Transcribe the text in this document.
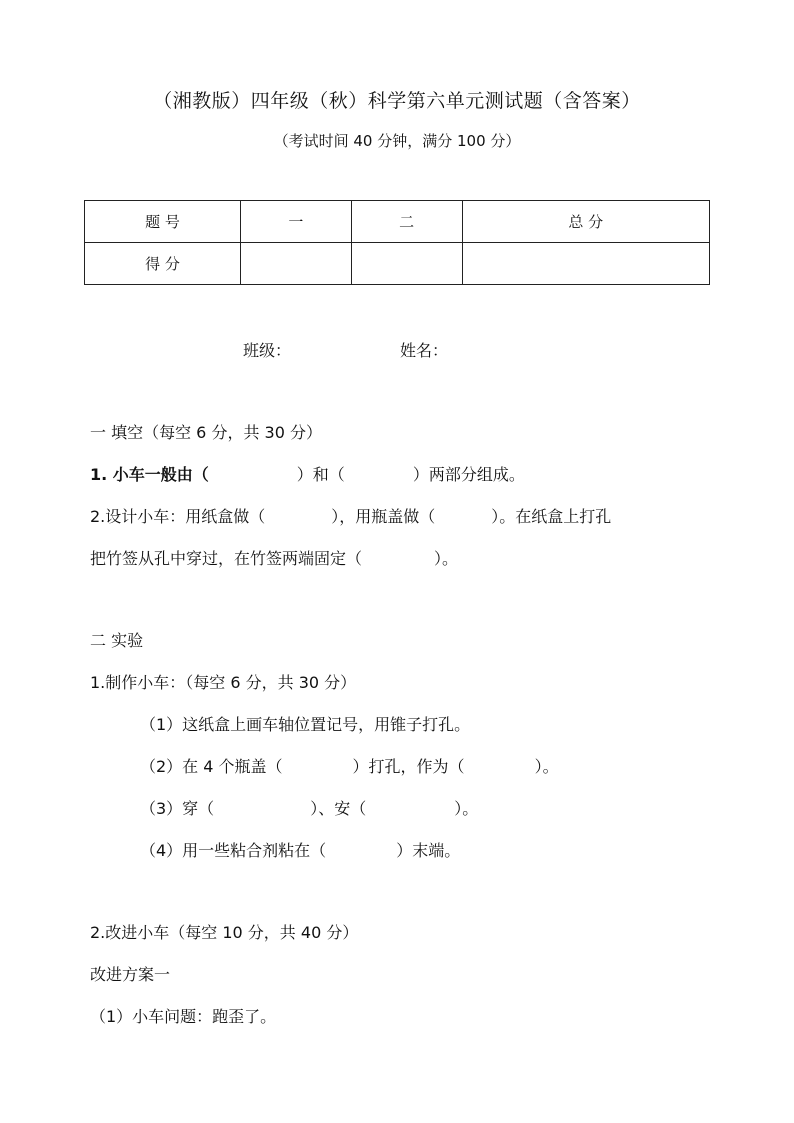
（湘教版）四年级（秋）科学第六单元测试题（含答案）
（考试时间 40 分钟，满分 100 分）
题 号	一	二	总 分
得 分			
班级：	姓名：
一 填空（每空 6 分，共 30 分）
1. 小车一般由（	）和（	）两部分组成。
2.设计小车：用纸盒做（	），用瓶盖做（	）。在纸盒上打孔
把竹签从孔中穿过，在竹签两端固定（	）。
二 实验
1.制作小车：（每空 6 分，共 30 分）
（1）这纸盒上画车轴位置记号，用锥子打孔。
（2）在 4 个瓶盖（	）打孔，作为（	）。
（3）穿（	）、安（	）。
（4）用一些粘合剂粘在（	）末端。
2.改进小车（每空 10 分，共 40 分）
改进方案一
（1）小车问题：跑歪了。
